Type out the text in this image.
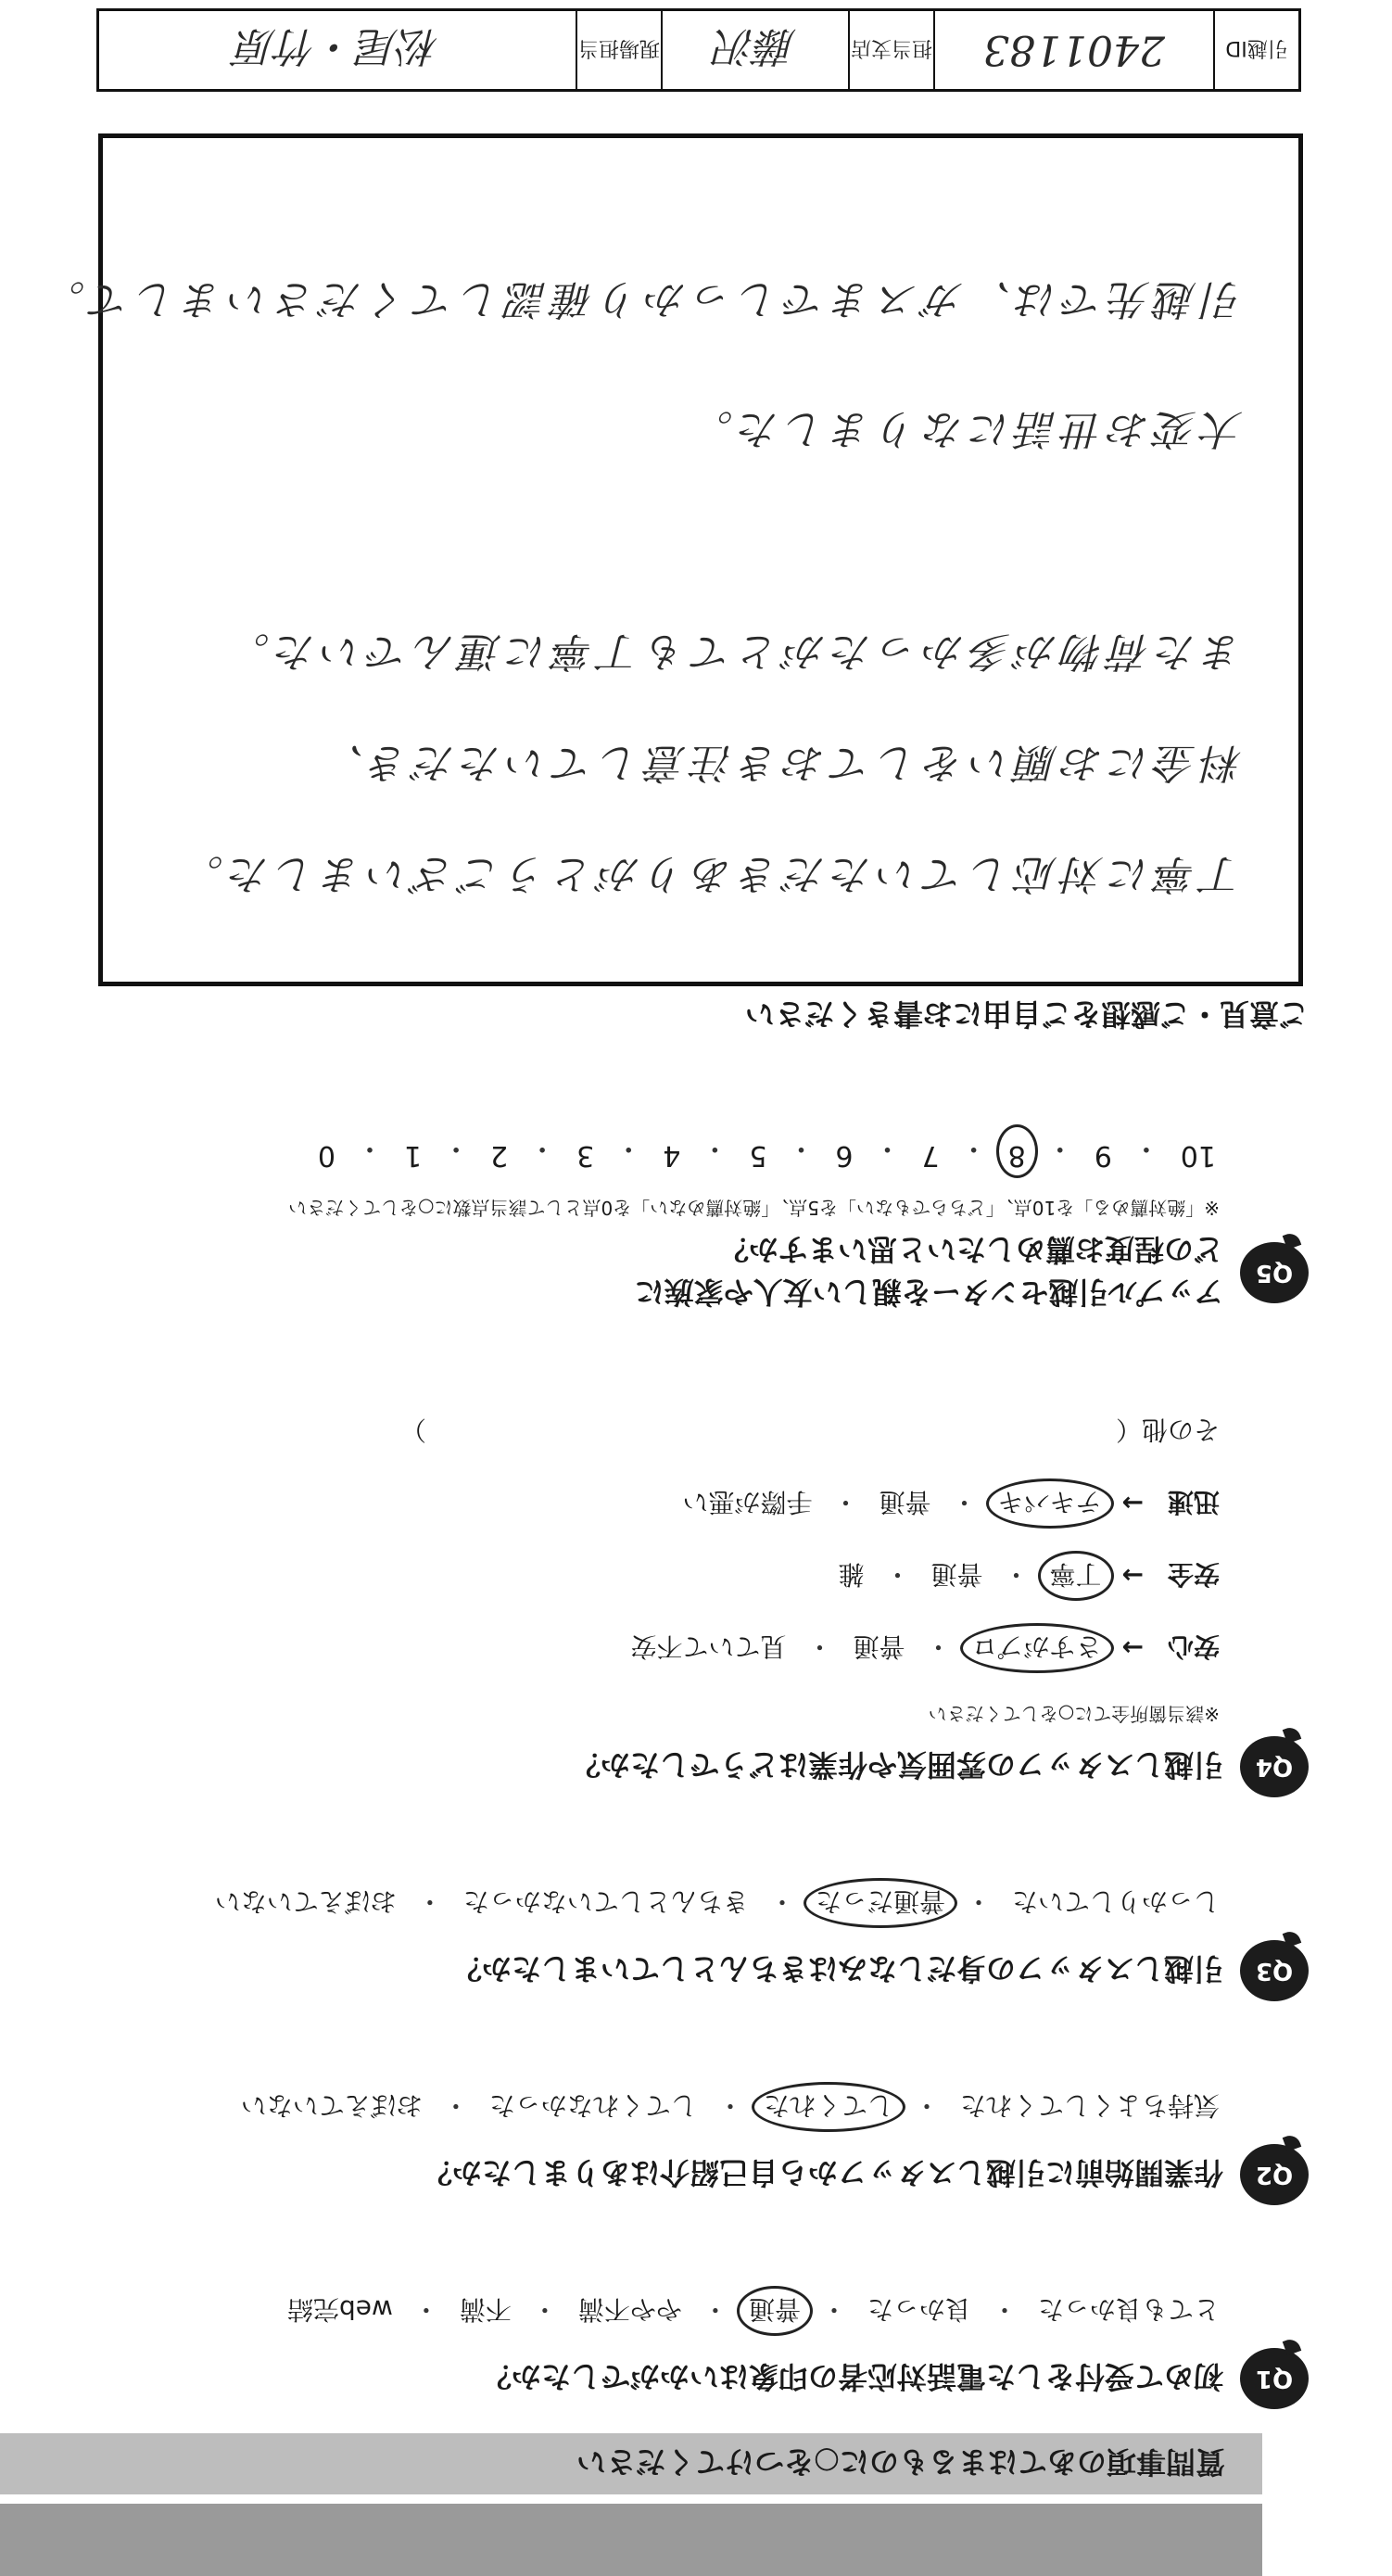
質問事項のあてはまるものに○をつけてください
Q1
初めて受付をした電話対応者の印象はいかがでしたか？
とても良かった
・
良かった
・
普通
・
やや不満
・
不満
・
web完結
Q2
作業開始前に引越しスタッフから自己紹介はありましたか？
気持ちよくしてくれた
・
してくれた
・
してくれなかった
・
おぼえていない
Q3
引越しスタッフの身だしなみはきちんとしていましたか？
しっかりしていた
・
普通だった
・
きちんとしていなかった
・
おぼえていない
Q4
引越しスタッフの雰囲気や作業はどうでしたか？
※該当箇所全てに○をしてください
安心
→
さすがプロ
・
普通
・
見ていて不安
安全
→
丁寧
・
普通
・
雑
迅速
→
テキパキ
・
普通
・
手際が悪い
その他（
）
Q5
アップル引越センターを親しい友人や家族に
どの程度お薦めしたいと思いますか？
※「絶対薦める」を10点、「どちらでもない」を5点、「絶対薦めない」を0点として該当点数に○をしてください
10
・
9
・
8
・
7
・
6
・
5
・
4
・
3
・
2
・
1
・
0
ご意見・ご感想をご自由にお書きください
丁寧に対応していただきありがとうございました。
料金にお願いをしておき注意していただき、
また荷物が多かったがとても丁寧に運んでいた。
大変お世話になりました。
引越先では、ガスまでしっかり確認してくださいまして。
引越ID
2401183
担当支店
藤沢
現場担当
松尾・竹原
